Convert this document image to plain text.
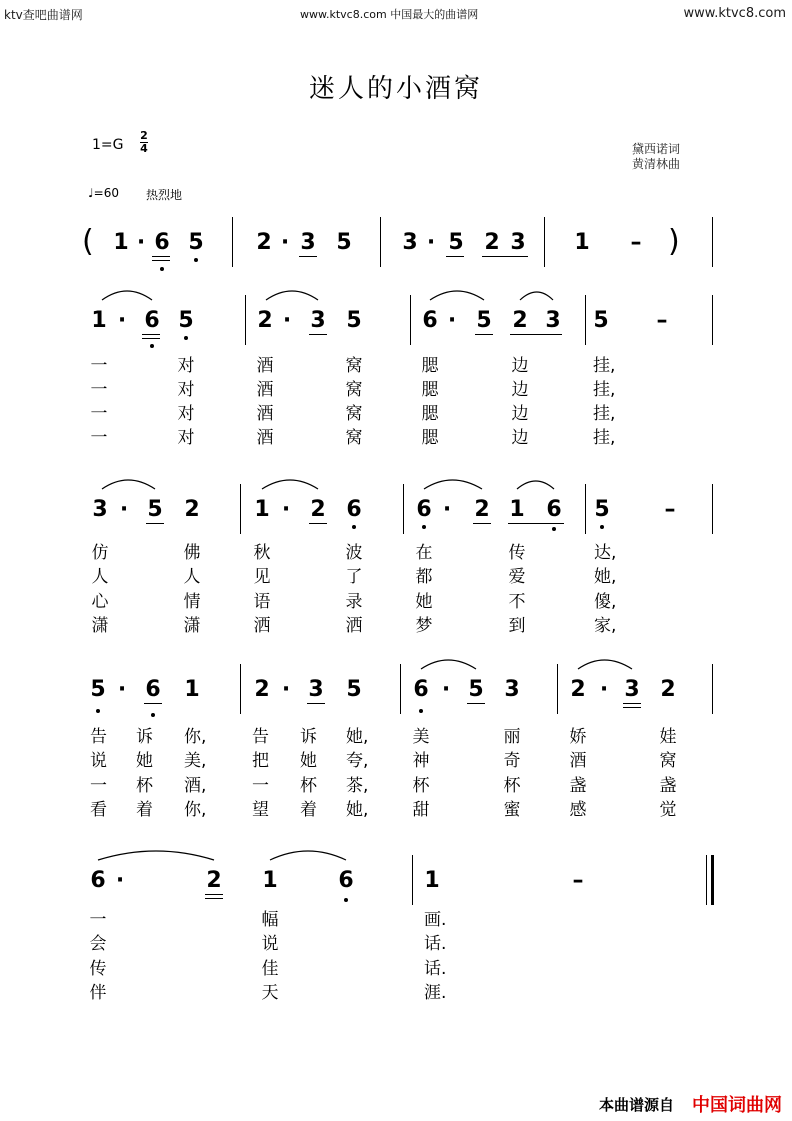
ktv查吧曲谱网	www.ktvc8.com 中国最大的曲谱网	www.ktvc8.com
迷人的小酒窝
1=G
2
4	黛西诺词
黄清林曲
♩=60 热烈地
( 1 · 6 5 2 · 3 5 3 · 5 2 3 1 – )
1 · 6 5	2 · 3 5	6 · 5 2 3 5 –
一	对	酒	窝	腮	边	挂,
一	对	酒	窝	腮	边	挂,
一	对	酒	窝	腮	边	挂,
一	对	酒	窝	腮	边	挂,
3 · 5 2 1 · 2 6 6 · 2 1 6 5 –
仿	佛	秋	波	在	传	达,
人	人	见	了	都	爱	她,
心	情	语	录	她	不	傻,
潇	潇	洒	洒	梦	到	家,
5 · 6 1 2 · 3 5 6 · 5 3 2 · 3 2
告 诉 你,	告 诉 她,	美	丽	娇	娃
说 她 美,	把 她 夸,	神	奇	酒	窝
一 杯 酒,	一 杯 茶,	杯	杯	盏	盏
看 着 你,	望 着 她,	甜	蜜	感	觉
6 ·	2 1	6	1	–
一	幅	画.
会	说	话.
传	佳	话.
伴	天	涯.
本曲谱源自 中国词曲网
